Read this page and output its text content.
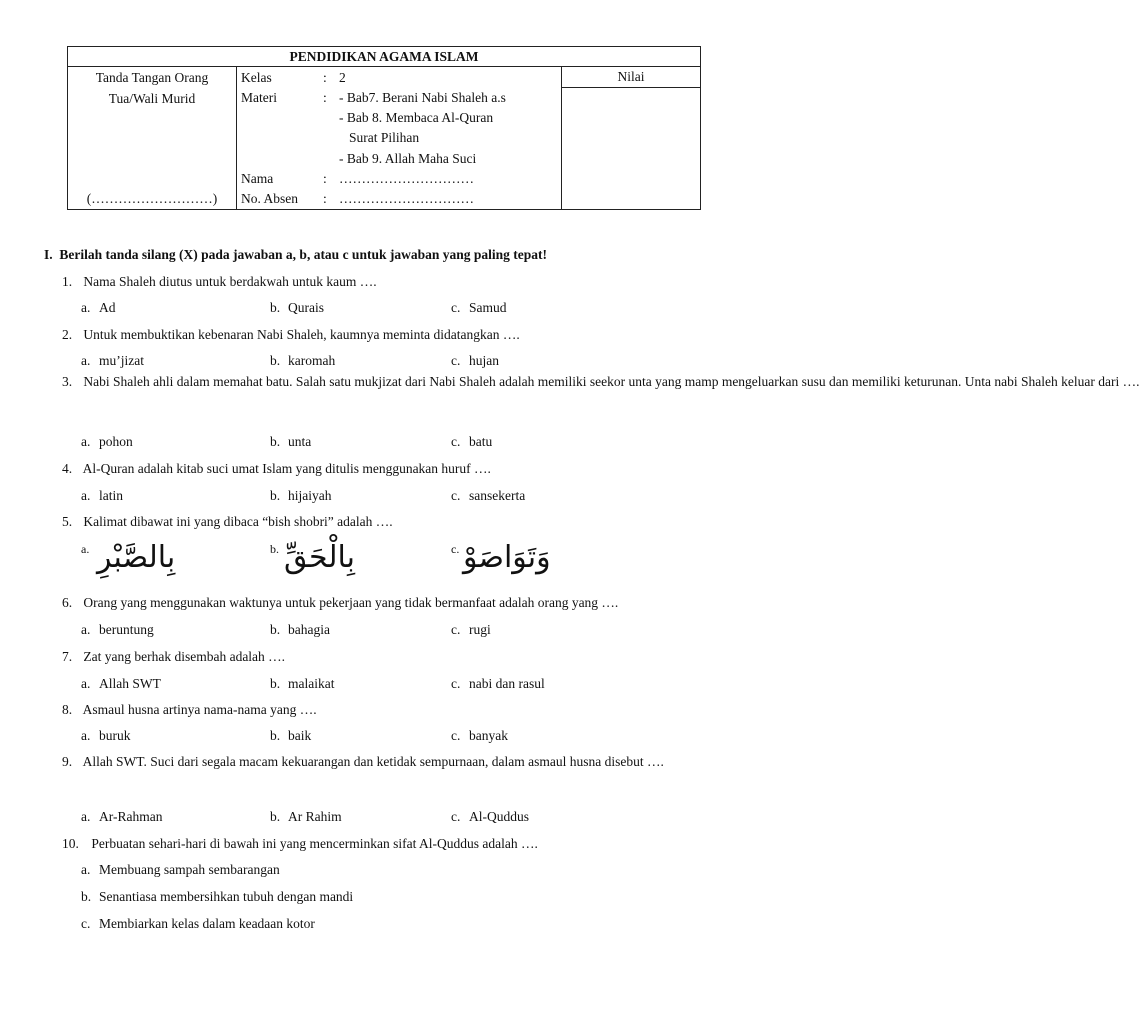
PENDIDIKAN AGAMA ISLAM

Tanda Tangan Orang
Tua/Wali Murid
(………………………)

Kelas	: 2
Materi	: - Bab7. Berani Nabi Shaleh a.s
- Bab 8. Membaca Al-Quran
Surat Pilihan
- Bab 9. Allah Maha Suci
Nama	: …………………………
No. Absen : …………………………

Nilai
I. Berilah tanda silang (X) pada jawaban a, b, atau c untuk jawaban yang paling tepat!
1. Nama Shaleh diutus untuk berdakwah untuk kaum ….
a. Ad	b. Qurais	c. Samud
2. Untuk membuktikan kebenaran Nabi Shaleh, kaumnya meminta didatangkan ….
a. mu’jizat	b. karomah	c. hujan
3. Nabi Shaleh ahli dalam memahat batu. Salah satu mukjizat dari Nabi Shaleh adalah memiliki seekor unta yang mamp mengeluarkan susu dan memiliki keturunan. Unta nabi Shaleh keluar dari ….
a. pohon	b. unta	c. batu
4. Al-Quran adalah kitab suci umat Islam yang ditulis menggunakan huruf ….
a. latin	b. hijaiyah	c. sansekerta
5. Kalimat dibawat ini yang dibaca “bish shobri” adalah ….
a. بِالصَّبْرِ	b. بِالْحَقِّ	c. وَتَوَاصَوْ
6. Orang yang menggunakan waktunya untuk pekerjaan yang tidak bermanfaat adalah orang yang ….
a. beruntung	b. bahagia	c. rugi
7. Zat yang berhak disembah adalah ….
a. Allah SWT	b. malaikat	c. nabi dan rasul
8. Asmaul husna artinya nama-nama yang ….
a. buruk	b. baik	c. banyak
9. Allah SWT. Suci dari segala macam kekuarangan dan ketidak sempurnaan, dalam asmaul husna disebut ….
a. Ar-Rahman	b. Ar Rahim	c. Al-Quddus
10. Perbuatan sehari-hari di bawah ini yang mencerminkan sifat Al-Quddus adalah ….
a. Membuang sampah sembarangan
b. Senantiasa membersihkan tubuh dengan mandi
c. Membiarkan kelas dalam keadaan kotor
